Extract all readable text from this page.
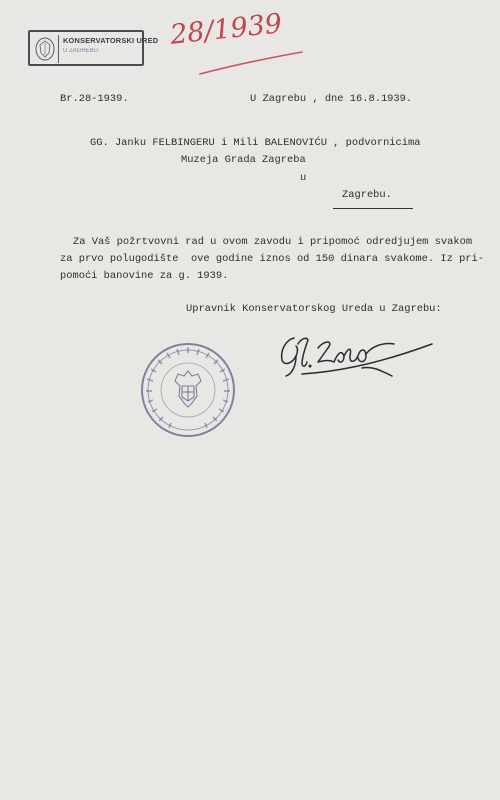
KONSERVATORSKI URED
U ZAGREBU
28/1939
Br.28-1939.	U Zagrebu , dne 16.8.1939.
GG. Janku FELBINGERU i Mili BALENOVIĆU , podvornicima
Muzeja Grada Zagreba
u
Zagrebu.
Za Vaš požrtvovni rad u ovom zavodu i pripomoć odredjujem svakom
za prvo polugodište  ove godine iznos od 150 dinara svakome. Iz pri-
pomoći banovine za g. 1939.
Upravnik Konservatorskog Ureda u Zagrebu:
